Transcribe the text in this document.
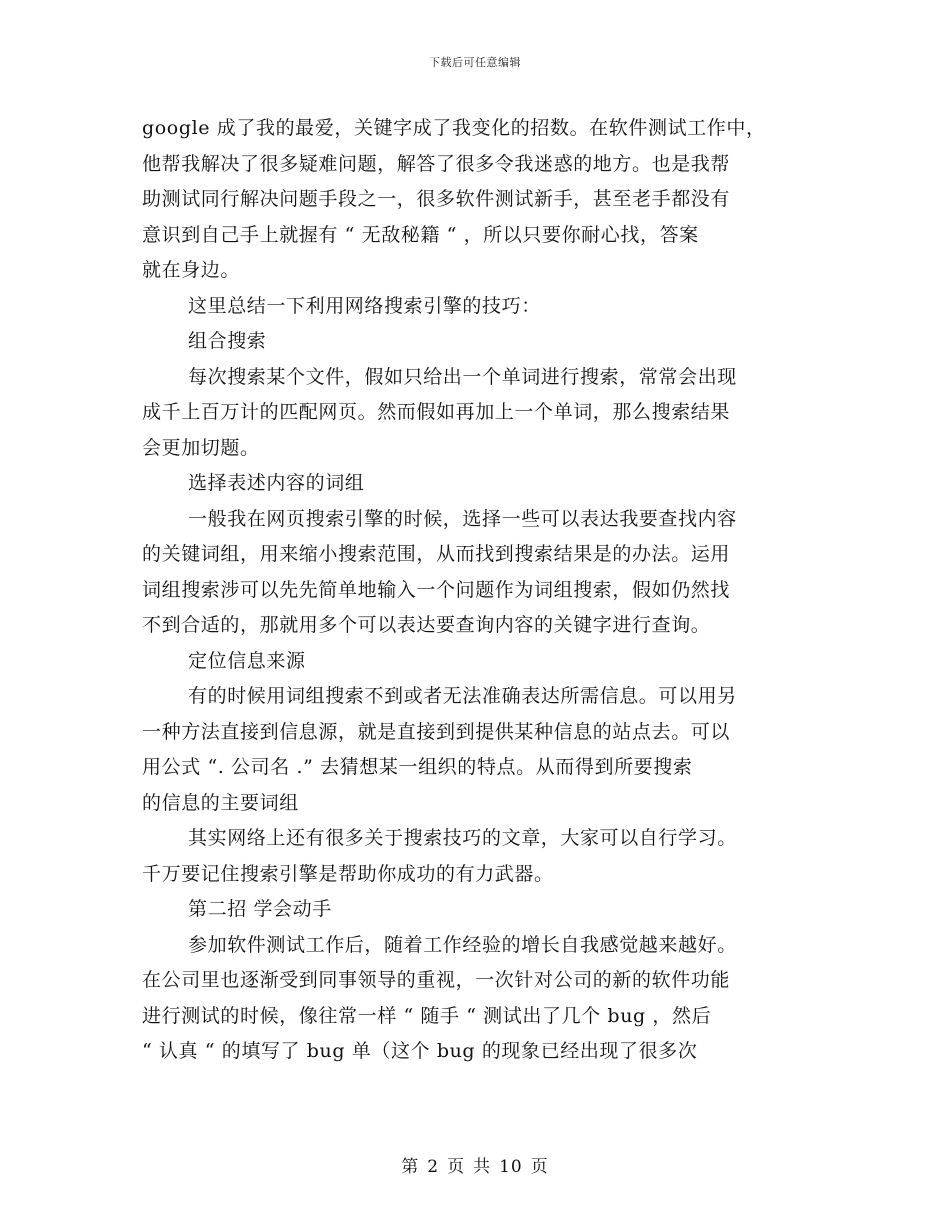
下载后可任意编辑
google 成了我的最爱，关键字成了我变化的招数。在软件测试工作中，
他帮我解决了很多疑难问题，解答了很多令我迷惑的地方。也是我帮
助测试同行解决问题手段之一，很多软件测试新手，甚至老手都没有
意识到自己手上就握有 “ 无敌秘籍 “ ，所以只要你耐心找，答案
就在身边。
这里总结一下利用网络搜索引擎的技巧：
组合搜索
每次搜索某个文件，假如只给出一个单词进行搜索，常常会出现
成千上百万计的匹配网页。然而假如再加上一个单词，那么搜索结果
会更加切题。
选择表述内容的词组
一般我在网页搜索引擎的时候，选择一些可以表达我要查找内容
的关键词组，用来缩小搜索范围，从而找到搜索结果是的办法。运用
词组搜索涉可以先先简单地输入一个问题作为词组搜索，假如仍然找
不到合适的，那就用多个可以表达要查询内容的关键字进行查询。
定位信息来源
有的时候用词组搜索不到或者无法准确表达所需信息。可以用另
一种方法直接到信息源，就是直接到到提供某种信息的站点去。可以
用公式 “. 公司名 .” 去猜想某一组织的特点。从而得到所要搜索
的信息的主要词组
其实网络上还有很多关于搜索技巧的文章，大家可以自行学习。
千万要记住搜索引擎是帮助你成功的有力武器。
第二招 学会动手
参加软件测试工作后，随着工作经验的增长自我感觉越来越好。
在公司里也逐渐受到同事领导的重视，一次针对公司的新的软件功能
进行测试的时候，像往常一样 “ 随手 “ 测试出了几个 bug ，然后
“ 认真 “ 的填写了 bug 单（这个 bug 的现象已经出现了很多次
第 2 页 共 10 页
